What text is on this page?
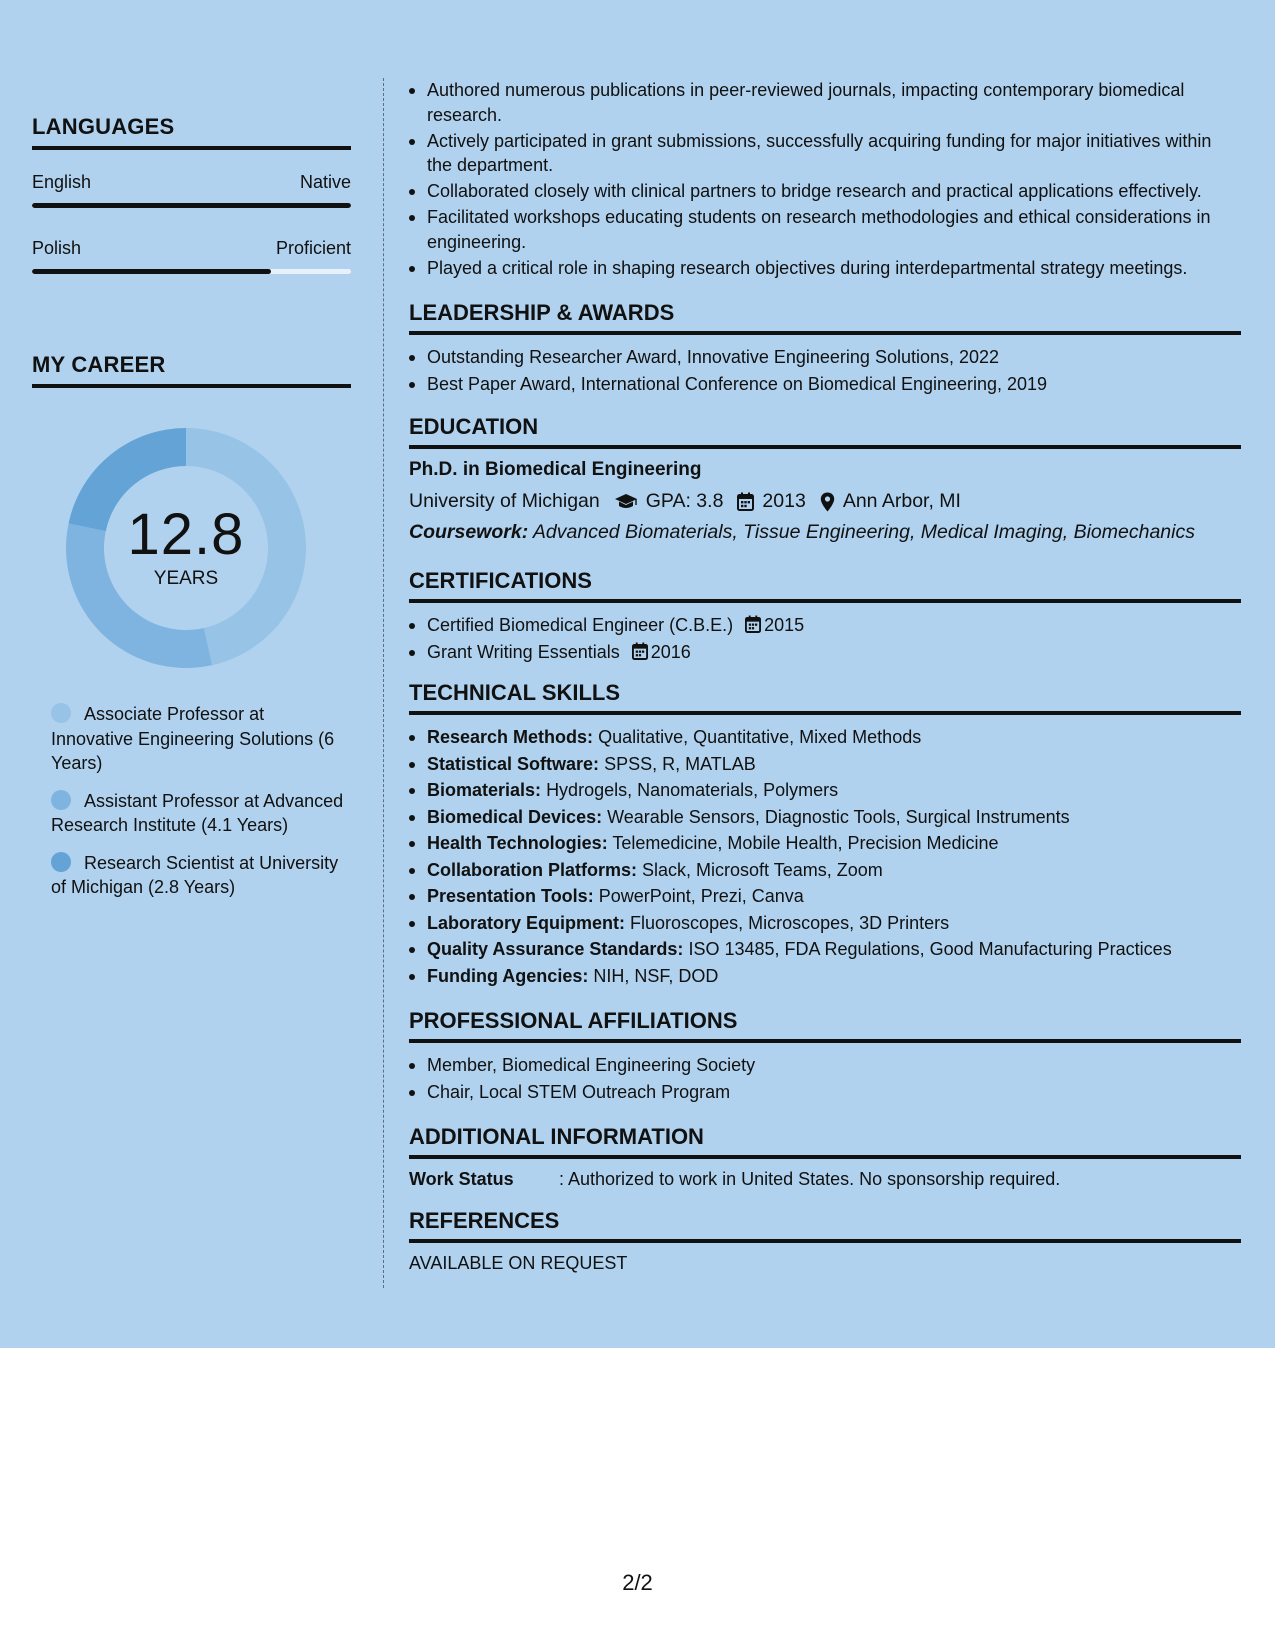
LANGUAGES
English	Native
Polish	Proficient
MY CAREER
12.8
YEARS
Associate Professor at Innovative Engineering Solutions (6 Years)
Assistant Professor at Advanced Research Institute (4.1 Years)
Research Scientist at University of Michigan (2.8 Years)
Authored numerous publications in peer-reviewed journals, impacting contemporary biomedical research.
Actively participated in grant submissions, successfully acquiring funding for major initiatives within the department.
Collaborated closely with clinical partners to bridge research and practical applications effectively.
Facilitated workshops educating students on research methodologies and ethical considerations in engineering.
Played a critical role in shaping research objectives during interdepartmental strategy meetings.
LEADERSHIP & AWARDS
Outstanding Researcher Award, Innovative Engineering Solutions, 2022
Best Paper Award, International Conference on Biomedical Engineering, 2019
EDUCATION
Ph.D. in Biomedical Engineering
University of Michigan GPA: 3.8 2013 Ann Arbor, MI
Coursework: Advanced Biomaterials, Tissue Engineering, Medical Imaging, Biomechanics
CERTIFICATIONS
Certified Biomedical Engineer (C.B.E.) 2015
Grant Writing Essentials 2016
TECHNICAL SKILLS
Research Methods: Qualitative, Quantitative, Mixed Methods
Statistical Software: SPSS, R, MATLAB
Biomaterials: Hydrogels, Nanomaterials, Polymers
Biomedical Devices: Wearable Sensors, Diagnostic Tools, Surgical Instruments
Health Technologies: Telemedicine, Mobile Health, Precision Medicine
Collaboration Platforms: Slack, Microsoft Teams, Zoom
Presentation Tools: PowerPoint, Prezi, Canva
Laboratory Equipment: Fluoroscopes, Microscopes, 3D Printers
Quality Assurance Standards: ISO 13485, FDA Regulations, Good Manufacturing Practices
Funding Agencies: NIH, NSF, DOD
PROFESSIONAL AFFILIATIONS
Member, Biomedical Engineering Society
Chair, Local STEM Outreach Program
ADDITIONAL INFORMATION
Work Status	: Authorized to work in United States. No sponsorship required.
REFERENCES
AVAILABLE ON REQUEST
2/2
